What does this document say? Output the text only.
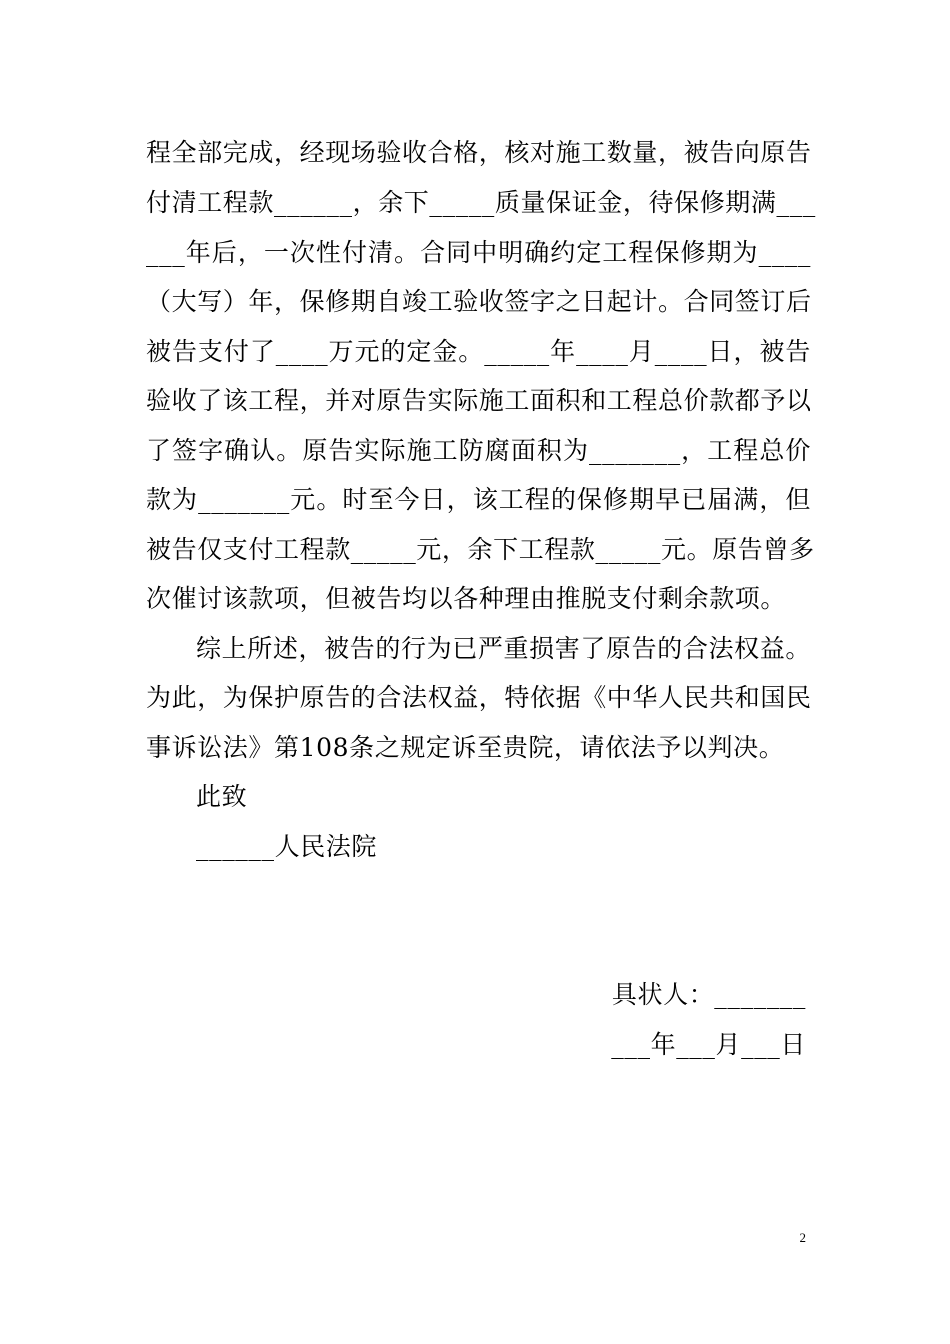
程全部完成，经现场验收合格，核对施工数量，被告向原告
付清工程款______，余下_____质量保证金，待保修期满___
___年后，一次性付清。合同中明确约定工程保修期为____
（大写）年，保修期自竣工验收签字之日起计。合同签订后
被告支付了____万元的定金。_____年____月____日，被告
验收了该工程，并对原告实际施工面积和工程总价款都予以
了签字确认。原告实际施工防腐面积为_______，工程总价
款为_______元。时至今日，该工程的保修期早已届满，但
被告仅支付工程款_____元，余下工程款_____元。原告曾多
次催讨该款项，但被告均以各种理由推脱支付剩余款项。
综上所述，被告的行为已严重损害了原告的合法权益。
为此，为保护原告的合法权益，特依据《中华人民共和国民
事诉讼法》第108条之规定诉至贵院，请依法予以判决。
此致
______人民法院
具状人：_______
___年___月___日
2
